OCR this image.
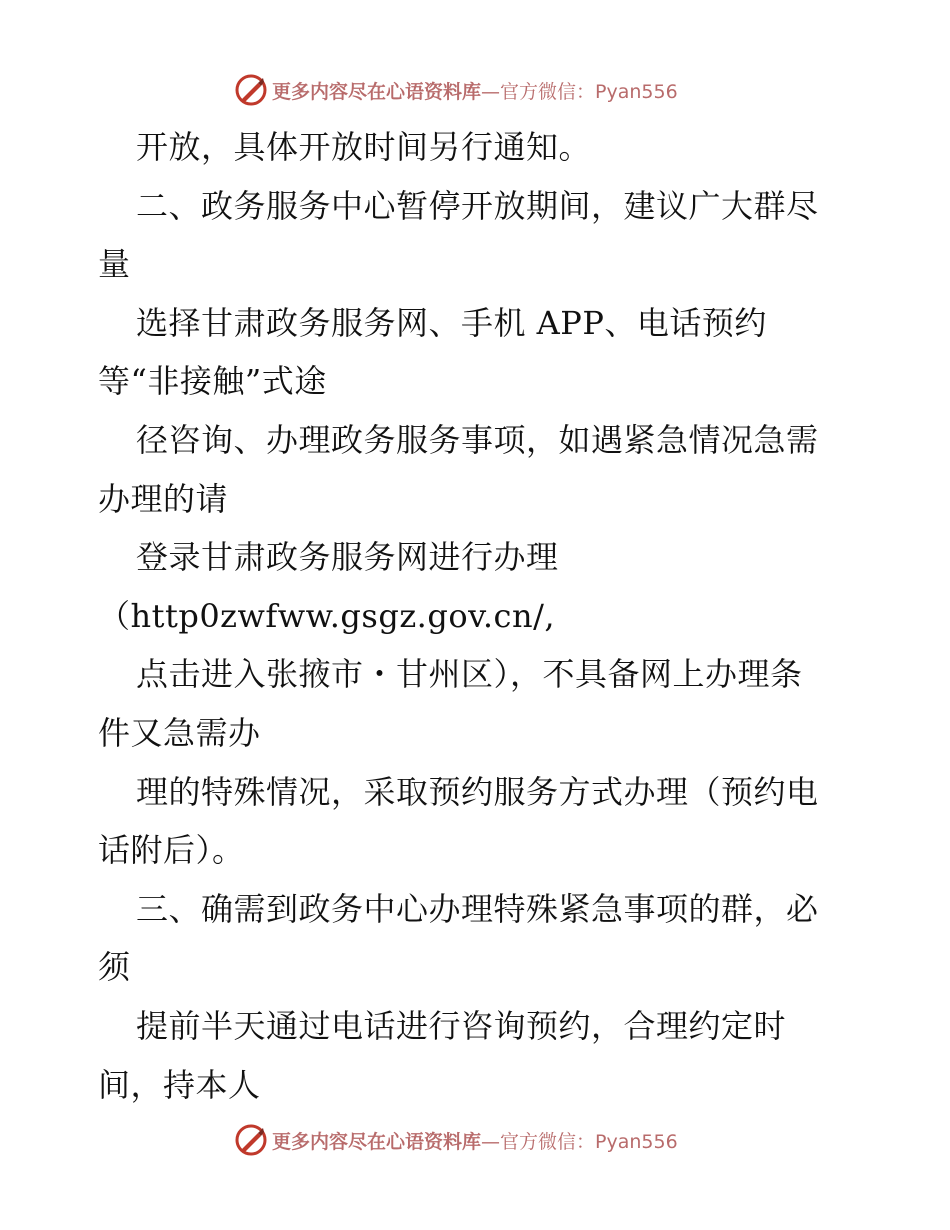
更多内容尽在心语资料库 —官方微信：Pyan556
开放，具体开放时间另行通知。
二、政务服务中心暂停开放期间，建议广大群尽
量
选择甘肃政务服务网、手机 APP、电话预约
等“非接触”式途
径咨询、办理政务服务事项，如遇紧急情况急需
办理的请
登录甘肃政务服务网进行办理
（http0zwfww.gsgz.gov.cn/,
点击进入张掖市・甘州区），不具备网上办理条
件又急需办
理的特殊情况，采取预约服务方式办理（预约电
话附后）。
三、确需到政务中心办理特殊紧急事项的群，必
须
提前半天通过电话进行咨询预约，合理约定时
间，持本人
更多内容尽在心语资料库 —官方微信：Pyan556
